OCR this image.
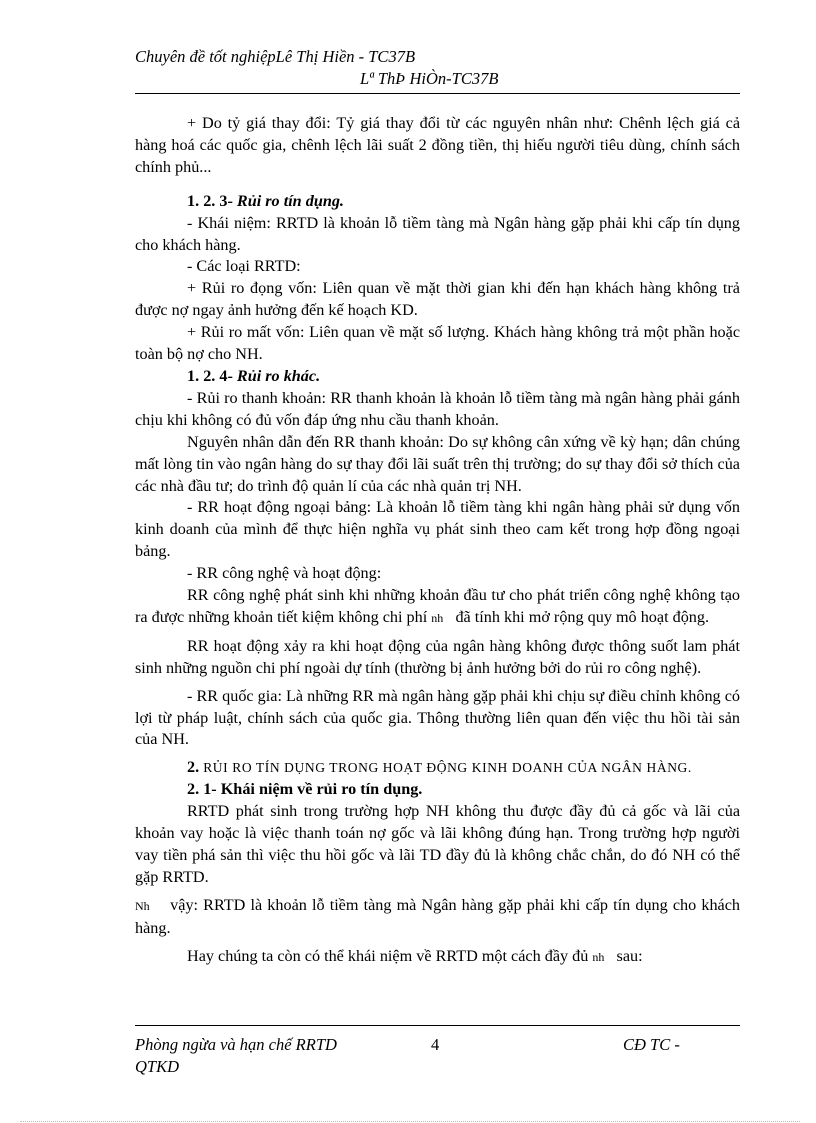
Chuyên đề tốt nghiệpLê Thị Hiền - TC37B
Lª ThÞ HiÒn-TC37B

+ Do tỷ giá thay đổi: Tỷ giá thay đổi từ các nguyên nhân như: Chênh lệch giá cả hàng hoá các quốc gia, chênh lệch lãi suất 2 đồng tiền, thị hiếu người tiêu dùng, chính sách chính phủ...

1. 2. 3- Rủi ro tín dụng.

- Khái niệm: RRTD là khoản lỗ tiềm tàng mà Ngân hàng gặp phải khi cấp tín dụng cho khách hàng.

- Các loại RRTD:

+ Rủi ro đọng vốn: Liên quan về mặt thời gian khi đến hạn khách hàng không trả được nợ ngay ảnh hưởng đến kế hoạch KD.

+ Rủi ro mất vốn: Liên quan về mặt số lượng. Khách hàng không trả một phần hoặc toàn bộ nợ cho NH.

1. 2. 4- Rủi ro khác.

- Rủi ro thanh khoản: RR thanh khoản là khoản lỗ tiềm tàng mà ngân hàng phải gánh chịu khi không có đủ vốn đáp ứng nhu cầu thanh khoản.

Nguyên nhân dẫn đến RR thanh khoản: Do sự không cân xứng về kỳ hạn; dân chúng mất lòng tin vào ngân hàng do sự thay đổi lãi suất trên thị trường; do sự thay đổi sở thích của các nhà đầu tư; do trình độ quản lí của các nhà quản trị NH.

- RR hoạt động ngoại bảng: Là khoản lỗ tiềm tàng khi ngân hàng phải sử dụng vốn kinh doanh của mình để thực hiện nghĩa vụ phát sinh theo cam kết trong hợp đồng ngoại bảng.

- RR công nghệ và hoạt động:

RR công nghệ phát sinh khi những khoản đầu tư cho phát triển công nghệ không tạo ra được những khoản tiết kiệm không chi phí nh đã tính khi mở rộng quy mô hoạt động.

RR hoạt động xảy ra khi hoạt động của ngân hàng không được thông suốt lam phát sinh những nguồn chi phí ngoài dự tính (thường bị ảnh hưởng bởi do rủi ro công nghệ).

- RR quốc gia: Là những RR mà ngân hàng gặp phải khi chịu sự điều chỉnh không có lợi từ pháp luật, chính sách của quốc gia. Thông thường liên quan đến việc thu hồi tài sản của NH.

2. RỦI RO TÍN DỤNG TRONG HOẠT ĐỘNG KINH DOANH CỦA NGÂN HÀNG.

2. 1- Khái niệm về rủi ro tín dụng.

RRTD phát sinh trong trường hợp NH không thu được đầy đủ cả gốc và lãi của khoản vay hoặc là việc thanh toán nợ gốc và lãi không đúng hạn. Trong trường hợp người vay tiền phá sản thì việc thu hồi gốc và lãi TD đầy đủ là không chắc chắn, do đó NH có thể gặp RRTD.

Nh vậy: RRTD là khoản lỗ tiềm tàng mà Ngân hàng gặp phải khi cấp tín dụng cho khách hàng.

Hay chúng ta còn có thể khái niệm về RRTD một cách đầy đủ nh sau:

Phòng ngừa và hạn chế RRTD
QTKD
4	CĐ TC -
